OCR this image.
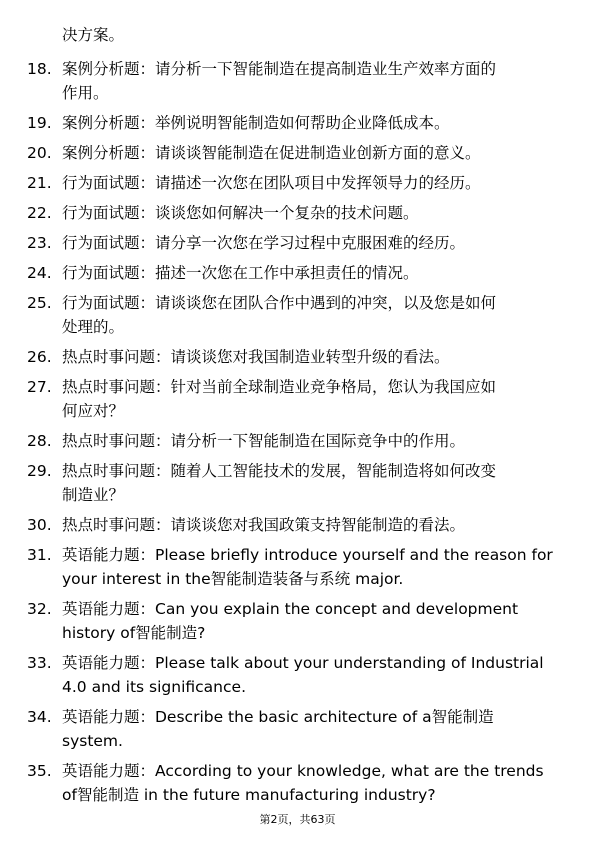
决方案。
18. 案例分析题：请分析一下智能制造在提高制造业生产效率方面的
作用。
19. 案例分析题：举例说明智能制造如何帮助企业降低成本。
20. 案例分析题：请谈谈智能制造在促进制造业创新方面的意义。
21. 行为面试题：请描述一次您在团队项目中发挥领导力的经历。
22. 行为面试题：谈谈您如何解决一个复杂的技术问题。
23. 行为面试题：请分享一次您在学习过程中克服困难的经历。
24. 行为面试题：描述一次您在工作中承担责任的情况。
25. 行为面试题：请谈谈您在团队合作中遇到的冲突，以及您是如何
处理的。
26. 热点时事问题：请谈谈您对我国制造业转型升级的看法。
27. 热点时事问题：针对当前全球制造业竞争格局，您认为我国应如
何应对？
28. 热点时事问题：请分析一下智能制造在国际竞争中的作用。
29. 热点时事问题：随着人工智能技术的发展，智能制造将如何改变
制造业？
30. 热点时事问题：请谈谈您对我国政策支持智能制造的看法。
31. 英语能力题：Please briefly introduce yourself and the reason for
your interest in the智能制造装备与系统 major.
32. 英语能力题：Can you explain the concept and development
history of智能制造?
33. 英语能力题：Please talk about your understanding of Industrial
4.0 and its significance.
34. 英语能力题：Describe the basic architecture of a智能制造
system.
35. 英语能力题：According to your knowledge, what are the trends
of智能制造 in the future manufacturing industry?
第2页，共63页
